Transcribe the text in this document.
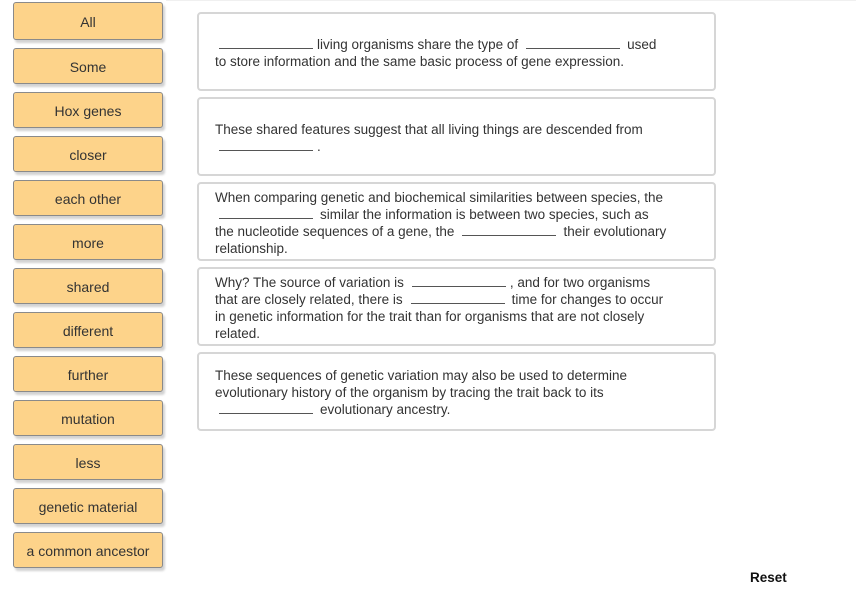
All
Some
Hox genes
closer
each other
more
shared
different
further
mutation
less
genetic material
a common ancestor
living organisms share the type of	used
to store information and the same basic process of gene expression.
These shared features suggest that all living things are descended from
.
When comparing genetic and biochemical similarities between species, the
similar the information is between two species, such as
the nucleotide sequences of a gene, the	their evolutionary
relationship.
Why? The source of variation is	, and for two organisms
that are closely related, there is	time for changes to occur
in genetic information for the trait than for organisms that are not closely
related.
These sequences of genetic variation may also be used to determine
evolutionary history of the organism by tracing the trait back to its
evolutionary ancestry.
Reset
